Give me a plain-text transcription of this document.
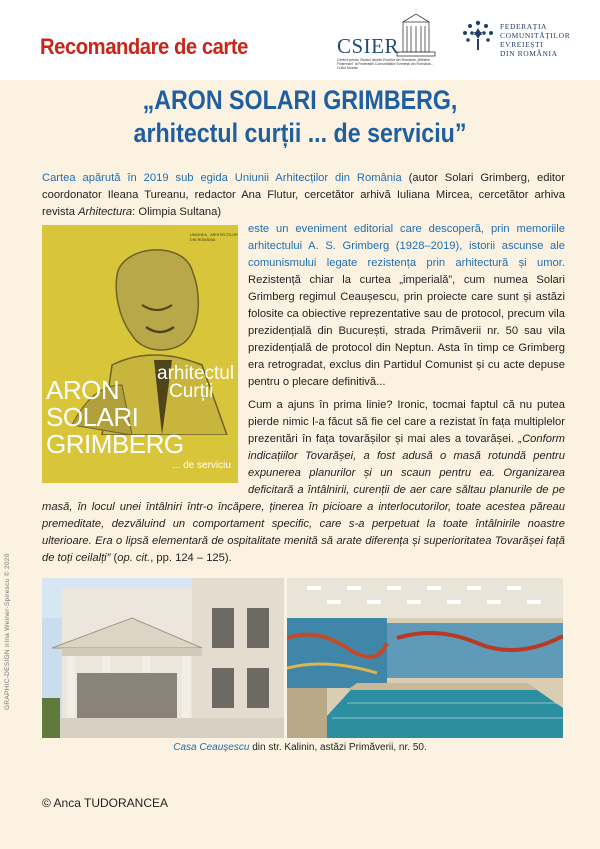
Recomandare de carte	CSIER
Centrul pentru Studiul Istoriei Evreilor din România „Wilhelm Filderman” al Federației Comunităților Evreiești din România - Cultul Mozaic
FEDERAȚIA
COMUNITĂȚILOR
EVREIEȘTI
DIN ROMÂNIA
„ARON SOLARI GRIMBERG,
arhitectul curții ... de serviciu”

Cartea apărută în 2019 sub egida Uniunii Arhitecților din România (autor Solari Grimberg, editor coordonator Ileana Tureanu, redactor Ana Flutur, cercetător arhivă Iuliana Mircea, cercetător arhiva revista Arhitectura: Olimpia Sultana)

UNIUNEA ARHITECȚILOR DIN ROMÂNIA
ARON
SOLARI
GRIMBERG
arhitectul
Curții
... de serviciu

este un eveniment editorial care descoperă, prin memoriile arhitectului A. S. Grimberg (1928–2019), istorii ascunse ale comunismului legate rezistența prin arhitectură și umor. Rezistență chiar la curtea „imperială”, cum numea Solari Grimberg regimul Ceaușescu, prin proiecte care sunt și astăzi folosite ca obiective reprezentative sau de protocol, precum vila prezidențială din București, strada Primăverii nr. 50 sau vila prezidențială de protocol din Neptun. Asta în timp ce Grimberg era retrogradat, exclus din Partidul Comunist și cu acte depuse pentru o plecare definitivă...

Cum a ajuns în prima linie? Ironic, tocmai faptul că nu putea pierde nimic l-a făcut să fie cel care a rezistat în fața multiplelor prezentări în fața tovarășilor și mai ales a tovarășei. „Conform indicațiilor Tovarășei, a fost adusă o masă rotundă pentru expunerea planurilor și un scaun pentru ea. Organizarea deficitară a întâlnirii, curenții de aer care săltau planurile de pe masă, în locul unei întâlniri într-o încăpere, ținerea în picioare a interlocutorilor, toate acestea păreau premeditate, dezvăluind un comportament specific, care s-a perpetuat la toate întâlnirile noastre ulterioare. Era o lipsă elementară de ospitalitate menită să arate diferența și superioritatea Tovarășei față de toți ceilalți” (op. cit., pp. 124 – 125).

Casa Ceaușescu din str. Kalinin, astăzi Primăverii, nr. 50.
GRAPHIC-DESIGN Irina Weiner-Spirescu © 2020
© Anca TUDORANCEA
